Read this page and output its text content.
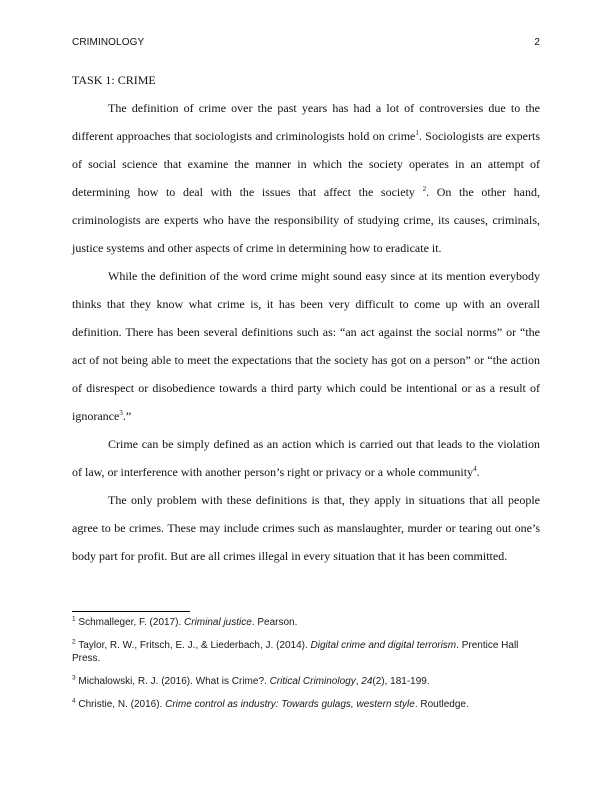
CRIMINOLOGY	2
TASK 1: CRIME

The definition of crime over the past years has had a lot of controversies due to the different approaches that sociologists and criminologists hold on crime$^1$. Sociologists are experts of social science that examine the manner in which the society operates in an attempt of determining how to deal with the issues that affect the society $^2$. On the other hand, criminologists are experts who have the responsibility of studying crime, its causes, criminals, justice systems and other aspects of crime in determining how to eradicate it.

While the definition of the word crime might sound easy since at its mention everybody thinks that they know what crime is, it has been very difficult to come up with an overall definition. There has been several definitions such as: “an act against the social norms” or “the act of not being able to meet the expectations that the society has got on a person” or “the action of disrespect or disobedience towards a third party which could be intentional or as a result of ignorance$^3$.”

Crime can be simply defined as an action which is carried out that leads to the violation of law, or interference with another person’s right or privacy or a whole community$^4$.

The only problem with these definitions is that, they apply in situations that all people agree to be crimes. These may include crimes such as manslaughter, murder or tearing out one’s body part for profit. But are all crimes illegal in every situation that it has been committed.

$^1$ Schmalleger, F. (2017). Criminal justice. Pearson.

$^2$ Taylor, R. W., Fritsch, E. J., & Liederbach, J. (2014). Digital crime and digital terrorism. Prentice Hall Press.

$^3$ Michalowski, R. J. (2016). What is Crime?. Critical Criminology, 24(2), 181-199.

$^4$ Christie, N. (2016). Crime control as industry: Towards gulags, western style. Routledge.
